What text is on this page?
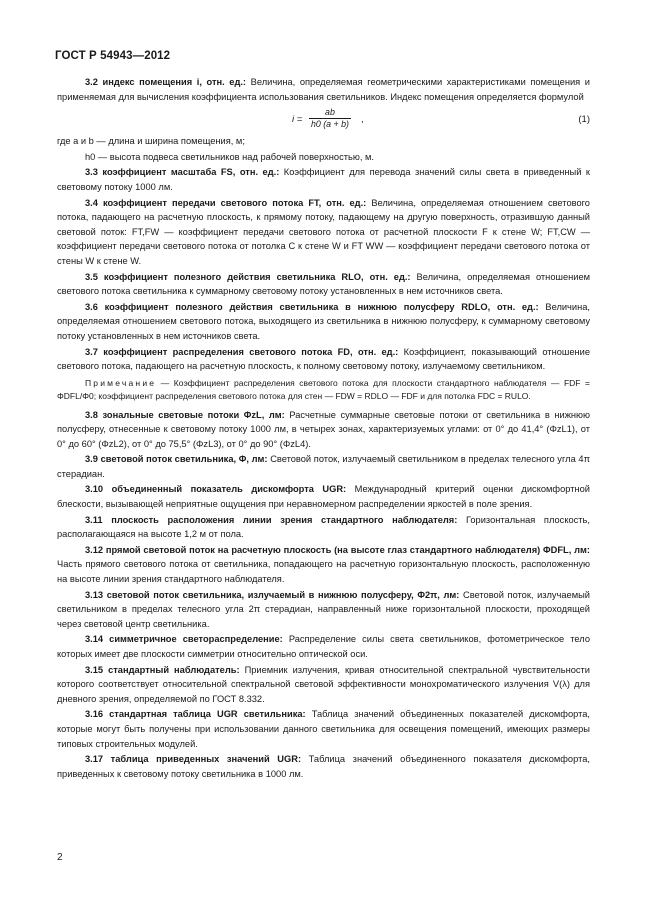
ГОСТ Р 54943—2012

3.2 индекс помещения i, отн. ед.: Величина, определяемая геометрическими характеристиками помещения и применяемая для вычисления коэффициента использования светильников. Индекс помещения определяется формулой

$i = \frac{ab}{h0 (a + b)}$ ,	(1)

где a и b — длина и ширина помещения, м;

h0 — высота подвеса светильников над рабочей поверхностью, м.

3.3 коэффициент масштаба FS, отн. ед.: Коэффициент для перевода значений силы света в приведенный к световому потоку 1000 лм.

3.4 коэффициент передачи светового потока FT, отн. ед.: Величина, определяемая отношением светового потока, падающего на расчетную плоскость, к прямому потоку, падающему на другую поверхность, отразившую данный световой поток: FT,FW — коэффициент передачи светового потока от расчетной плоскости F к стене W; FT,CW — коэффициент передачи светового потока от потолка C к стене W и FT WW — коэффициент передачи светового потока от стены W к стене W.

3.5 коэффициент полезного действия светильника RLO, отн. ед.: Величина, определяемая отношением светового потока светильника к суммарному световому потоку установленных в нем источников света.

3.6 коэффициент полезного действия светильника в нижнюю полусферу RDLO, отн. ед.: Величина, определяемая отношением светового потока, выходящего из светильника в нижнюю полусферу, к суммарному световому потоку установленных в нем источников света.

3.7 коэффициент распределения светового потока FD, отн. ед.: Коэффициент, показывающий отношение светового потока, падающего на расчетную плоскость, к полному световому потоку, излучаемому светильником.

Примечание — Коэффициент распределения светового потока для плоскости стандартного наблюдателя — FDF = ΦDFL/Φ0; коэффициент распределения светового потока для стен — FDW = RDLO — FDF и для потолка FDC = RULO.

3.8 зональные световые потоки ΦzL, лм: Расчетные суммарные световые потоки от светильника в нижнюю полусферу, отнесенные к световому потоку 1000 лм, в четырех зонах, характеризуемых углами: от 0° до 41,4° (ΦzL1), от 0° до 60° (ΦzL2), от 0° до 75,5° (ΦzL3), от 0° до 90° (ΦzL4).

3.9 световой поток светильника, Φ, лм: Световой поток, излучаемый светильником в пределах телесного угла 4π стерадиан.

3.10 объединенный показатель дискомфорта UGR: Международный критерий оценки дискомфортной блескости, вызывающей неприятные ощущения при неравномерном распределении яркостей в поле зрения.

3.11 плоскость расположения линии зрения стандартного наблюдателя: Горизонтальная плоскость, располагающаяся на высоте 1,2 м от пола.

3.12 прямой световой поток на расчетную плоскость (на высоте глаз стандартного наблюдателя) ΦDFL, лм: Часть прямого светового потока от светильника, попадающего на расчетную горизонтальную плоскость, расположенную на высоте линии зрения стандартного наблюдателя.

3.13 световой поток светильника, излучаемый в нижнюю полусферу, Φ2π, лм: Световой поток, излучаемый светильником в пределах телесного угла 2π стерадиан, направленный ниже горизонтальной плоскости, проходящей через световой центр светильника.

3.14 симметричное светораспределение: Распределение силы света светильников, фотометрическое тело которых имеет две плоскости симметрии относительно оптической оси.

3.15 стандартный наблюдатель: Приемник излучения, кривая относительной спектральной чувствительности которого соответствует относительной спектральной световой эффективности монохроматического излучения V(λ) для дневного зрения, определяемой по ГОСТ 8.332.

3.16 стандартная таблица UGR светильника: Таблица значений объединенных показателей дискомфорта, которые могут быть получены при использовании данного светильника для освещения помещений, имеющих размеры типовых строительных модулей.

3.17 таблица приведенных значений UGR: Таблица значений объединенного показателя дискомфорта, приведенных к световому потоку светильника в 1000 лм.

2
